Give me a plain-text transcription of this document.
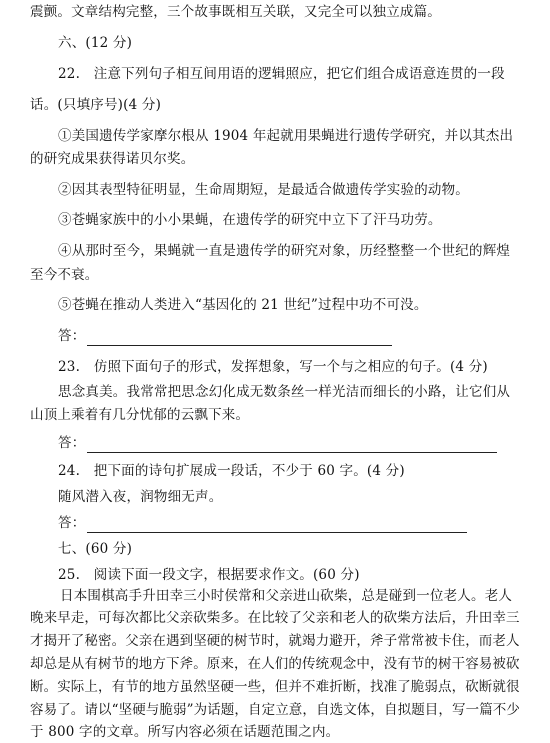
震颤。文章结构完整，三个故事既相互关联，又完全可以独立成篇。
六、(12 分)
22.　注意下列句子相互间用语的逻辑照应，把它们组合成语意连贯的一段
话。(只填序号)(4 分)
①美国遗传学家摩尔根从 1904 年起就用果蝇进行遗传学研究，并以其杰出
的研究成果获得诺贝尔奖。
②因其表型特征明显，生命周期短，是最适合做遗传学实验的动物。
③苍蝇家族中的小小果蝇，在遗传学的研究中立下了汗马功劳。
④从那时至今，果蝇就一直是遗传学的研究对象，历经整整一个世纪的辉煌
至今不衰。
⑤苍蝇在推动人类进入“基因化的 21 世纪”过程中功不可没。
答：
23.　仿照下面句子的形式，发挥想象，写一个与之相应的句子。(4 分)
思念真美。我常常把思念幻化成无数条丝一样光洁而细长的小路，让它们从
山顶上乘着有几分忧郁的云飘下来。
答：
24.　把下面的诗句扩展成一段话，不少于 60 字。(4 分)
随风潜入夜，润物细无声。
答：
七、(60 分)
25.　阅读下面一段文字，根据要求作文。(60 分)
日本围棋高手升田幸三小时侯常和父亲进山砍柴，总是碰到一位老人。老人
晚来早走，可每次都比父亲砍柴多。在比较了父亲和老人的砍柴方法后，升田幸三
才揭开了秘密。父亲在遇到坚硬的树节时，就竭力避开，斧子常常被卡住，而老人
却总是从有树节的地方下斧。原来，在人们的传统观念中，没有节的树干容易被砍
断。实际上，有节的地方虽然坚硬一些，但并不难折断，找准了脆弱点，砍断就很
容易了。请以“坚硬与脆弱”为话题，自定立意，自选文体，自拟题目，写一篇不少
于 800 字的文章。所写内容必须在话题范围之内。
